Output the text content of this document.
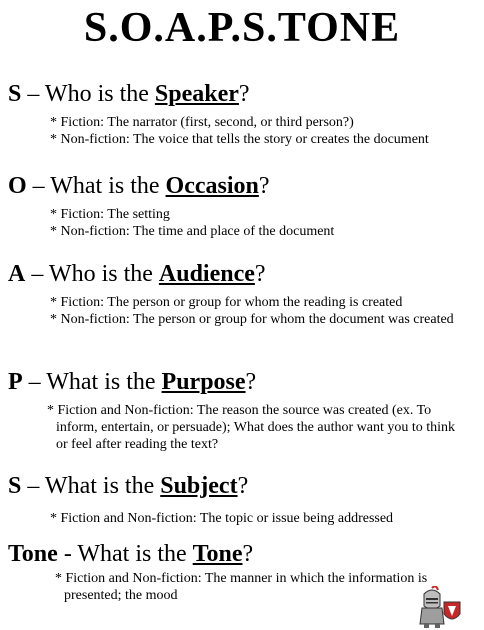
S.O.A.P.S.TONE
S – Who is the Speaker?
* Fiction: The narrator (first, second, or third person?)
* Non-fiction: The voice that tells the story or creates the document
O – What is the Occasion?
* Fiction: The setting
* Non-fiction: The time and place of the document
A – Who is the Audience?
* Fiction: The person or group for whom the reading is created
* Non-fiction: The person or group for whom the document was created
P – What is the Purpose?
* Fiction and Non-fiction: The reason the source was created (ex. To inform, entertain, or persuade); What does the author want you to think or feel after reading the text?
S – What is the Subject?
* Fiction and Non-fiction: The topic or issue being addressed
Tone - What is the Tone?
* Fiction and Non-fiction: The manner in which the information is presented; the mood
